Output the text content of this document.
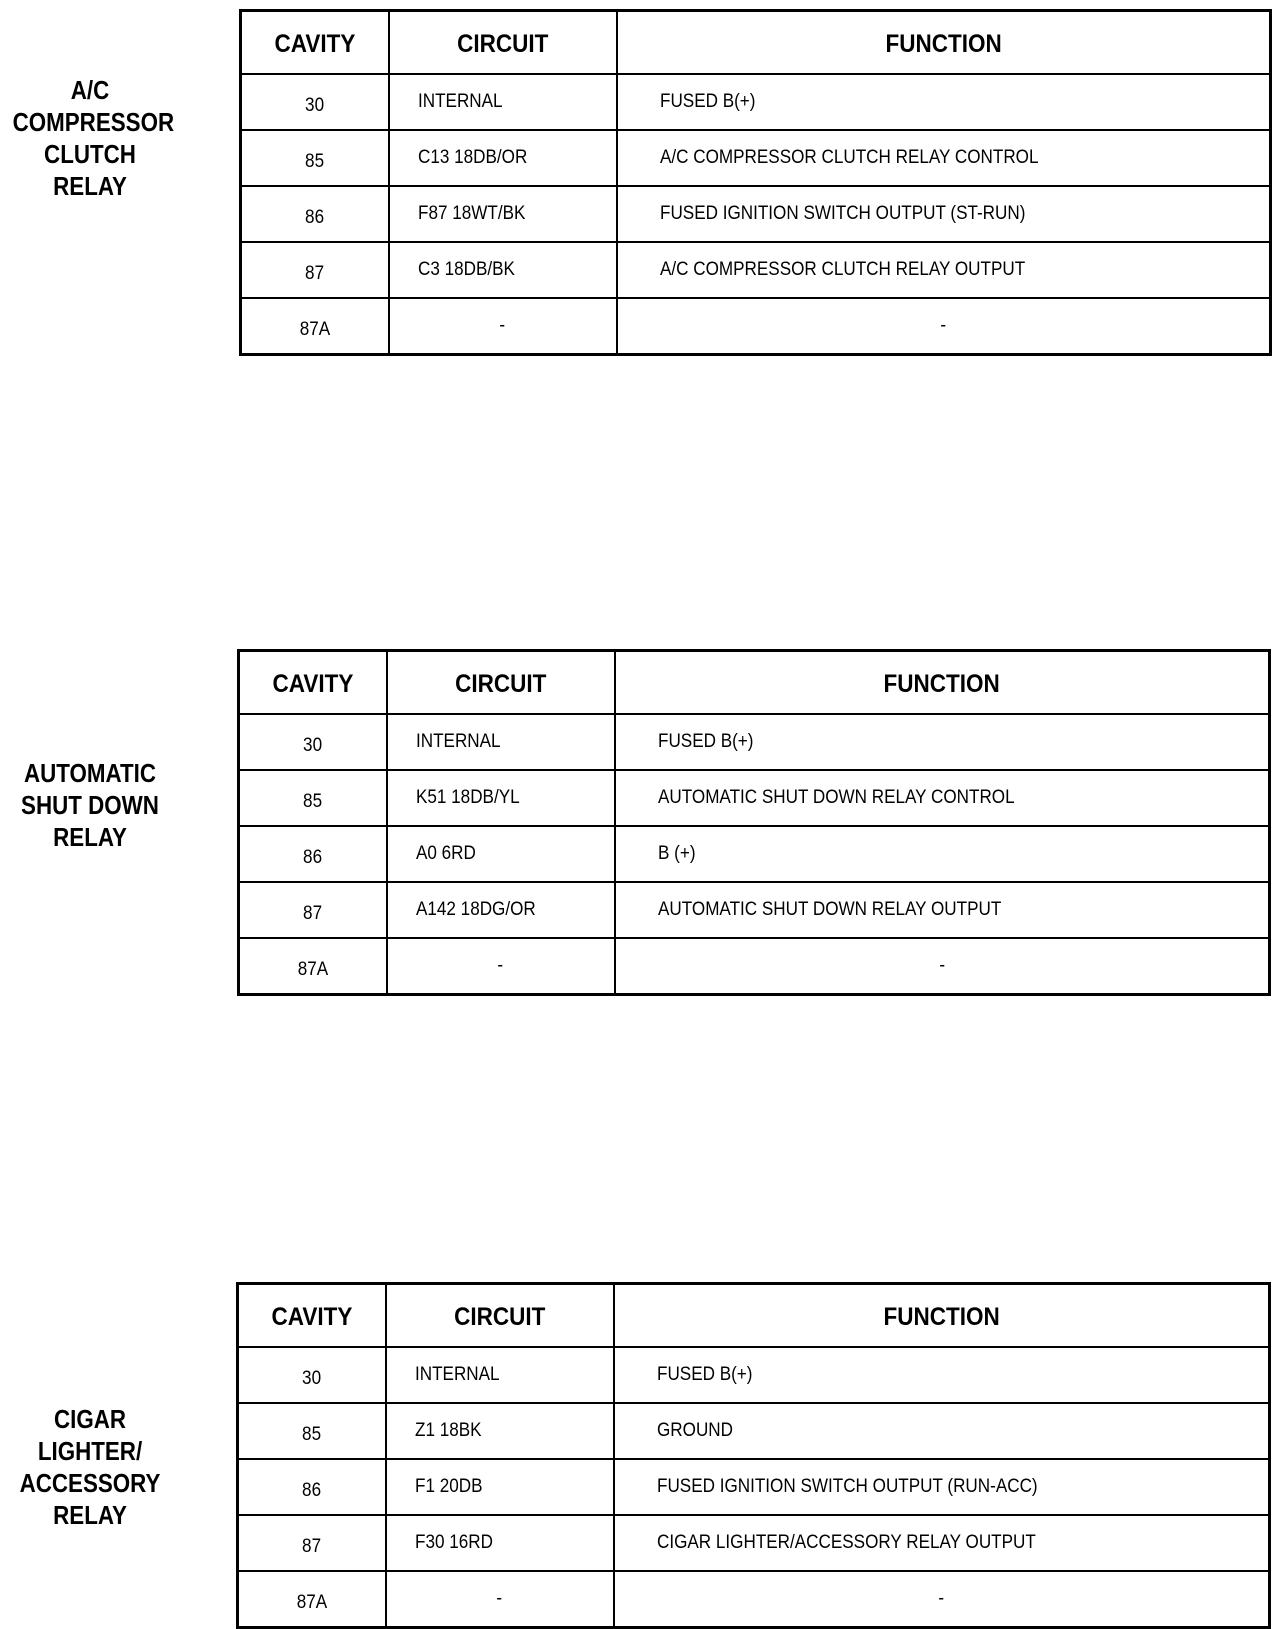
A/C
COMPRESSOR
CLUTCH
RELAY
CAVITY	CIRCUIT	FUNCTION
30	INTERNAL	FUSED B(+)
85	C13 18DB/OR	A/C COMPRESSOR CLUTCH RELAY CONTROL
86	F87 18WT/BK	FUSED IGNITION SWITCH OUTPUT (ST-RUN)
87	C3 18DB/BK	A/C COMPRESSOR CLUTCH RELAY OUTPUT
87A	-	-
AUTOMATIC
SHUT DOWN
RELAY
CAVITY	CIRCUIT	FUNCTION
30	INTERNAL	FUSED B(+)
85	K51 18DB/YL	AUTOMATIC SHUT DOWN RELAY CONTROL
86	A0 6RD	B (+)
87	A142 18DG/OR	AUTOMATIC SHUT DOWN RELAY OUTPUT
87A	-	-
CIGAR
LIGHTER/
ACCESSORY
RELAY
CAVITY	CIRCUIT	FUNCTION
30	INTERNAL	FUSED B(+)
85	Z1 18BK	GROUND
86	F1 20DB	FUSED IGNITION SWITCH OUTPUT (RUN-ACC)
87	F30 16RD	CIGAR LIGHTER/ACCESSORY RELAY OUTPUT
87A	-	-
